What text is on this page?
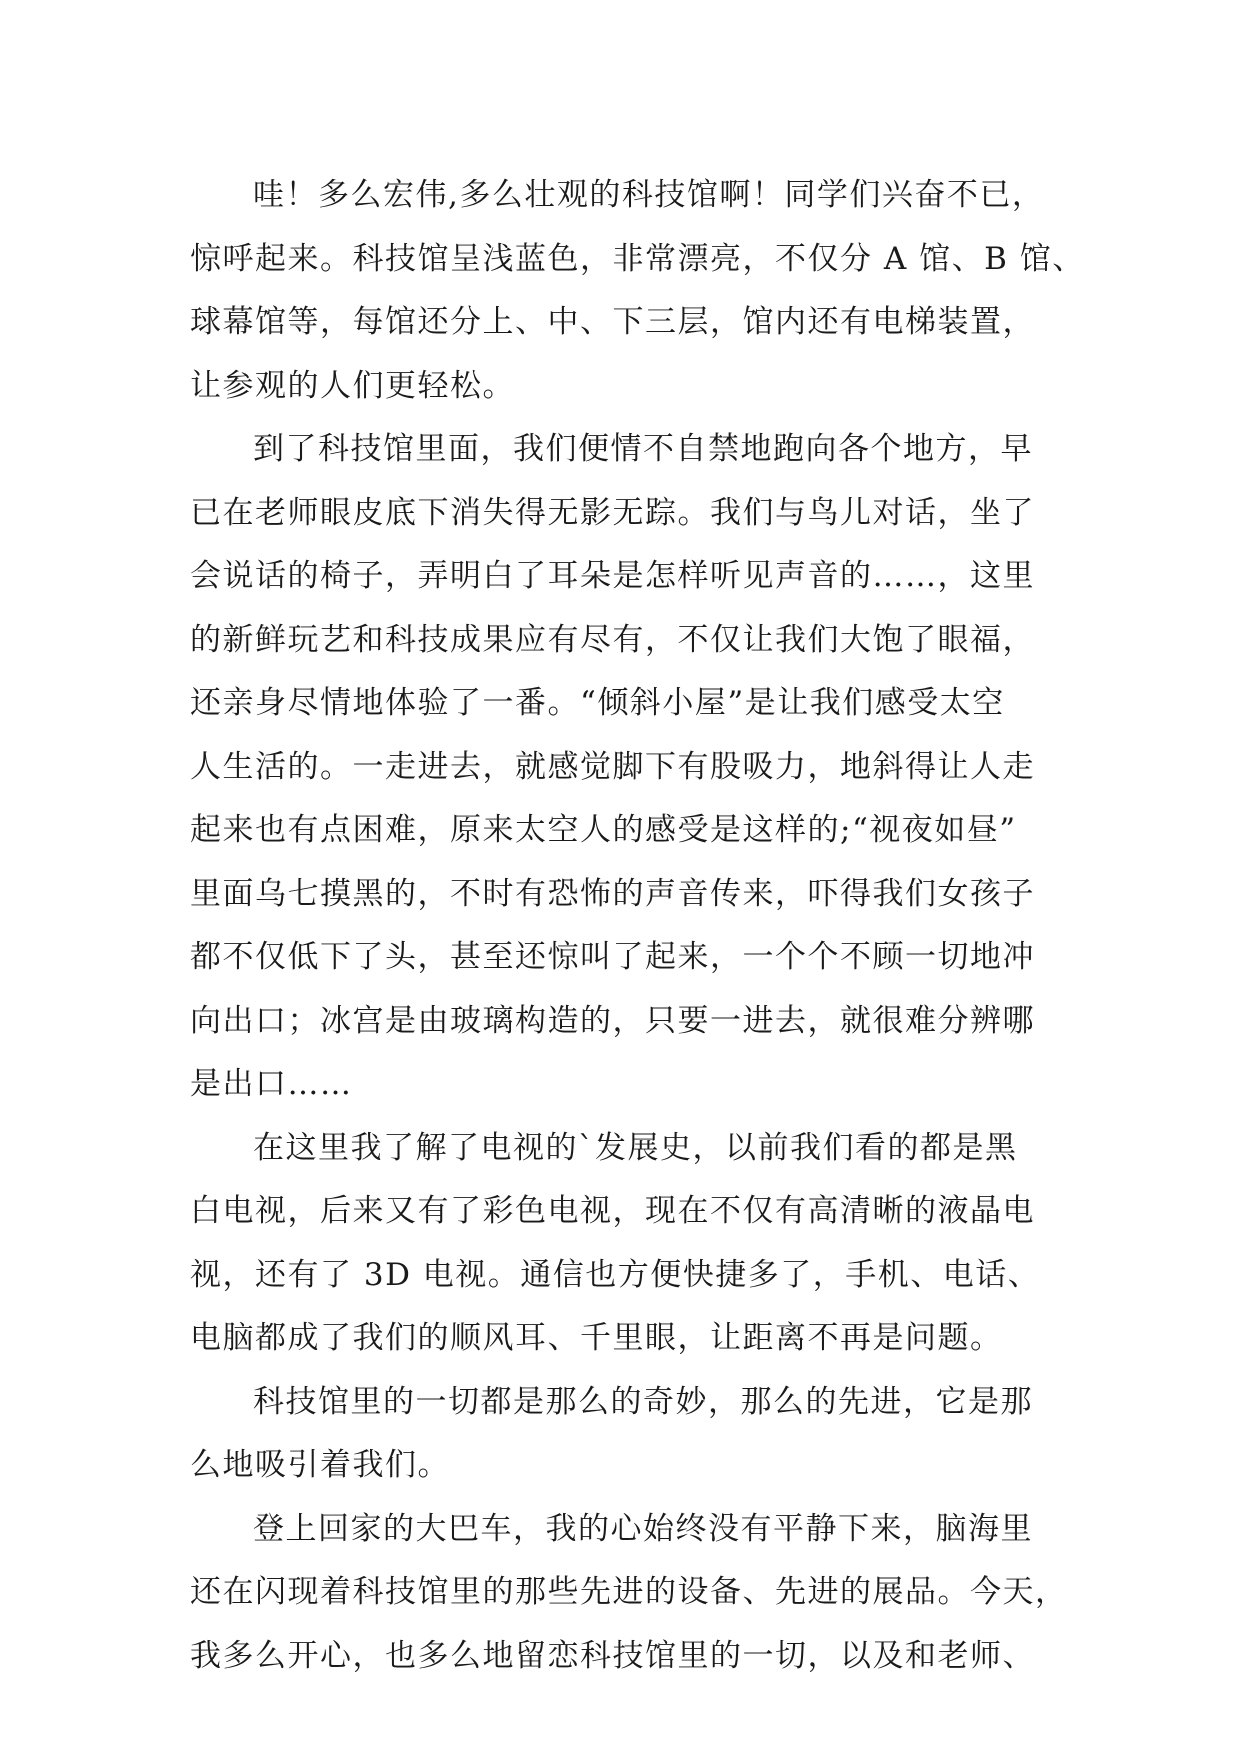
哇！多么宏伟,多么壮观的科技馆啊！同学们兴奋不已，
惊呼起来。科技馆呈浅蓝色，非常漂亮，不仅分 A 馆、B 馆、
球幕馆等，每馆还分上、中、下三层，馆内还有电梯装置，
让参观的人们更轻松。
到了科技馆里面，我们便情不自禁地跑向各个地方，早
已在老师眼皮底下消失得无影无踪。我们与鸟儿对话，坐了
会说话的椅子，弄明白了耳朵是怎样听见声音的……，这里
的新鲜玩艺和科技成果应有尽有，不仅让我们大饱了眼福，
还亲身尽情地体验了一番。“倾斜小屋”是让我们感受太空
人生活的。一走进去，就感觉脚下有股吸力，地斜得让人走
起来也有点困难，原来太空人的感受是这样的;“视夜如昼”
里面乌七摸黑的，不时有恐怖的声音传来，吓得我们女孩子
都不仅低下了头，甚至还惊叫了起来，一个个不顾一切地冲
向出口；冰宫是由玻璃构造的，只要一进去，就很难分辨哪
是出口……
在这里我了解了电视的`发展史，以前我们看的都是黑
白电视，后来又有了彩色电视，现在不仅有高清晰的液晶电
视，还有了 3D 电视。通信也方便快捷多了，手机、电话、
电脑都成了我们的顺风耳、千里眼，让距离不再是问题。
科技馆里的一切都是那么的奇妙，那么的先进，它是那
么地吸引着我们。
登上回家的大巴车，我的心始终没有平静下来，脑海里
还在闪现着科技馆里的那些先进的设备、先进的展品。今天，
我多么开心，也多么地留恋科技馆里的一切，以及和老师、
